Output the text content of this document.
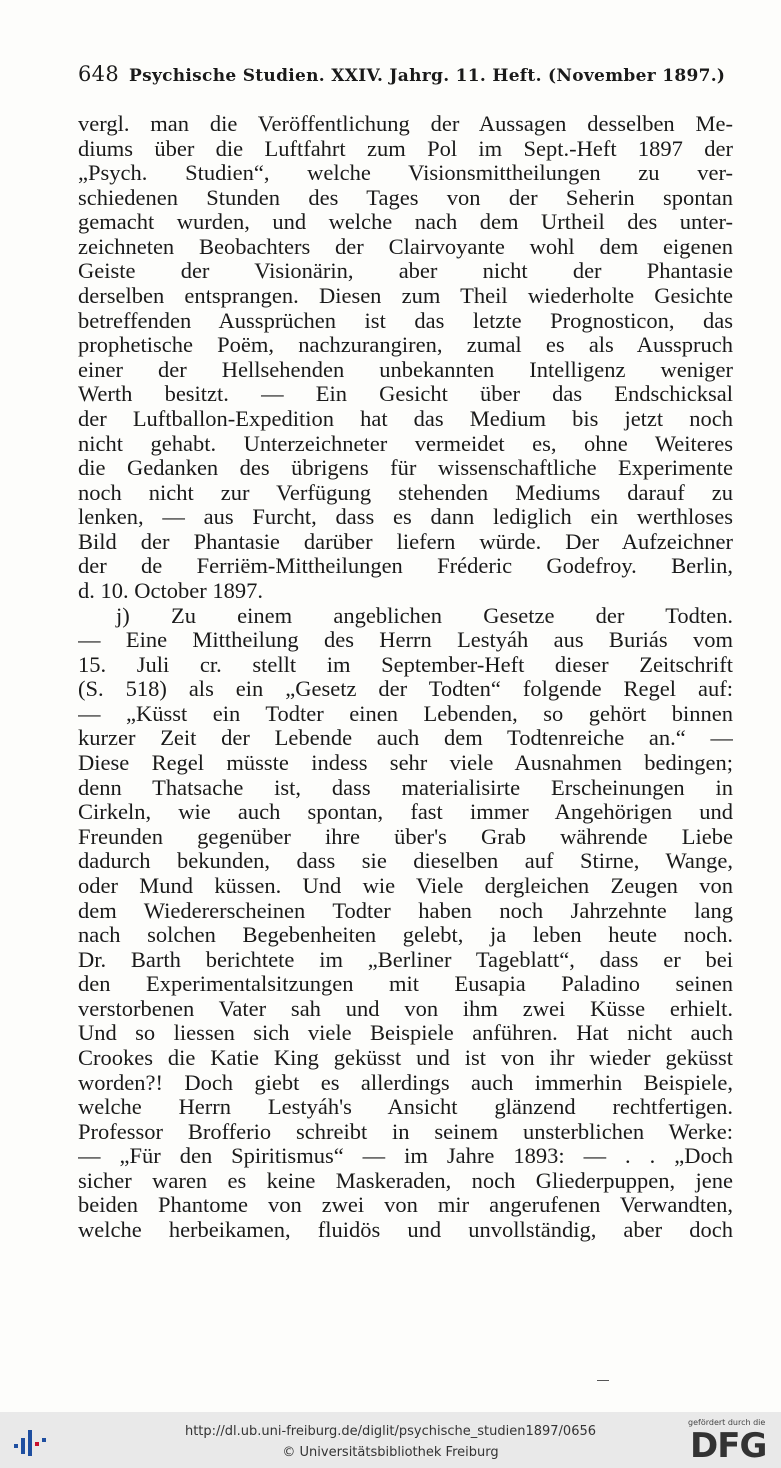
648 Psychische Studien. XXIV. Jahrg. 11. Heft. (November 1897.)
vergl. man die Veröffentlichung der Aussagen desselben Me-
diums über die Luftfahrt zum Pol im Sept.-Heft 1897 der
„Psych. Studien“, welche Visionsmittheilungen zu ver-
schiedenen Stunden des Tages von der Seherin spontan
gemacht wurden, und welche nach dem Urtheil des unter-
zeichneten Beobachters der Clairvoyante wohl dem eigenen
Geiste der Visionärin, aber nicht der Phantasie
derselben entsprangen. Diesen zum Theil wiederholte Gesichte
betreffenden Aussprüchen ist das letzte Prognosticon, das
prophetische Poëm, nachzurangiren, zumal es als Ausspruch
einer der Hellsehenden unbekannten Intelligenz weniger
Werth besitzt. — Ein Gesicht über das Endschicksal
der Luftballon-Expedition hat das Medium bis jetzt noch
nicht gehabt. Unterzeichneter vermeidet es, ohne Weiteres
die Gedanken des übrigens für wissenschaftliche Experimente
noch nicht zur Verfügung stehenden Mediums darauf zu
lenken, — aus Furcht, dass es dann lediglich ein werthloses
Bild der Phantasie darüber liefern würde. Der Aufzeichner
der de Ferriëm-Mittheilungen Fréderic Godefroy. Berlin,
d. 10. October 1897.
j) Zu einem angeblichen Gesetze der Todten.
— Eine Mittheilung des Herrn Lestyáh aus Buriás vom
15. Juli cr. stellt im September-Heft dieser Zeitschrift
(S. 518) als ein „Gesetz der Todten“ folgende Regel auf:
— „Küsst ein Todter einen Lebenden, so gehört binnen
kurzer Zeit der Lebende auch dem Todtenreiche an.“ —
Diese Regel müsste indess sehr viele Ausnahmen bedingen;
denn Thatsache ist, dass materialisirte Erscheinungen in
Cirkeln, wie auch spontan, fast immer Angehörigen und
Freunden gegenüber ihre über's Grab währende Liebe
dadurch bekunden, dass sie dieselben auf Stirne, Wange,
oder Mund küssen. Und wie Viele dergleichen Zeugen von
dem Wiedererscheinen Todter haben noch Jahrzehnte lang
nach solchen Begebenheiten gelebt, ja leben heute noch.
Dr. Barth berichtete im „Berliner Tageblatt“, dass er bei
den Experimentalsitzungen mit Eusapia Paladino seinen
verstorbenen Vater sah und von ihm zwei Küsse erhielt.
Und so liessen sich viele Beispiele anführen. Hat nicht auch
Crookes die Katie King geküsst und ist von ihr wieder geküsst
worden?! Doch giebt es allerdings auch immerhin Beispiele,
welche Herrn Lestyáh's Ansicht glänzend rechtfertigen.
Professor Brofferio schreibt in seinem unsterblichen Werke:
— „Für den Spiritismus“ — im Jahre 1893: — . . „Doch
sicher waren es keine Maskeraden, noch Gliederpuppen, jene
beiden Phantome von zwei von mir angerufenen Verwandten,
welche herbeikamen, fluidös und unvollständig, aber doch
http://dl.ub.uni-freiburg.de/diglit/psychische_studien1897/0656
© Universitätsbibliothek Freiburg
gefördert durch die
DFG
